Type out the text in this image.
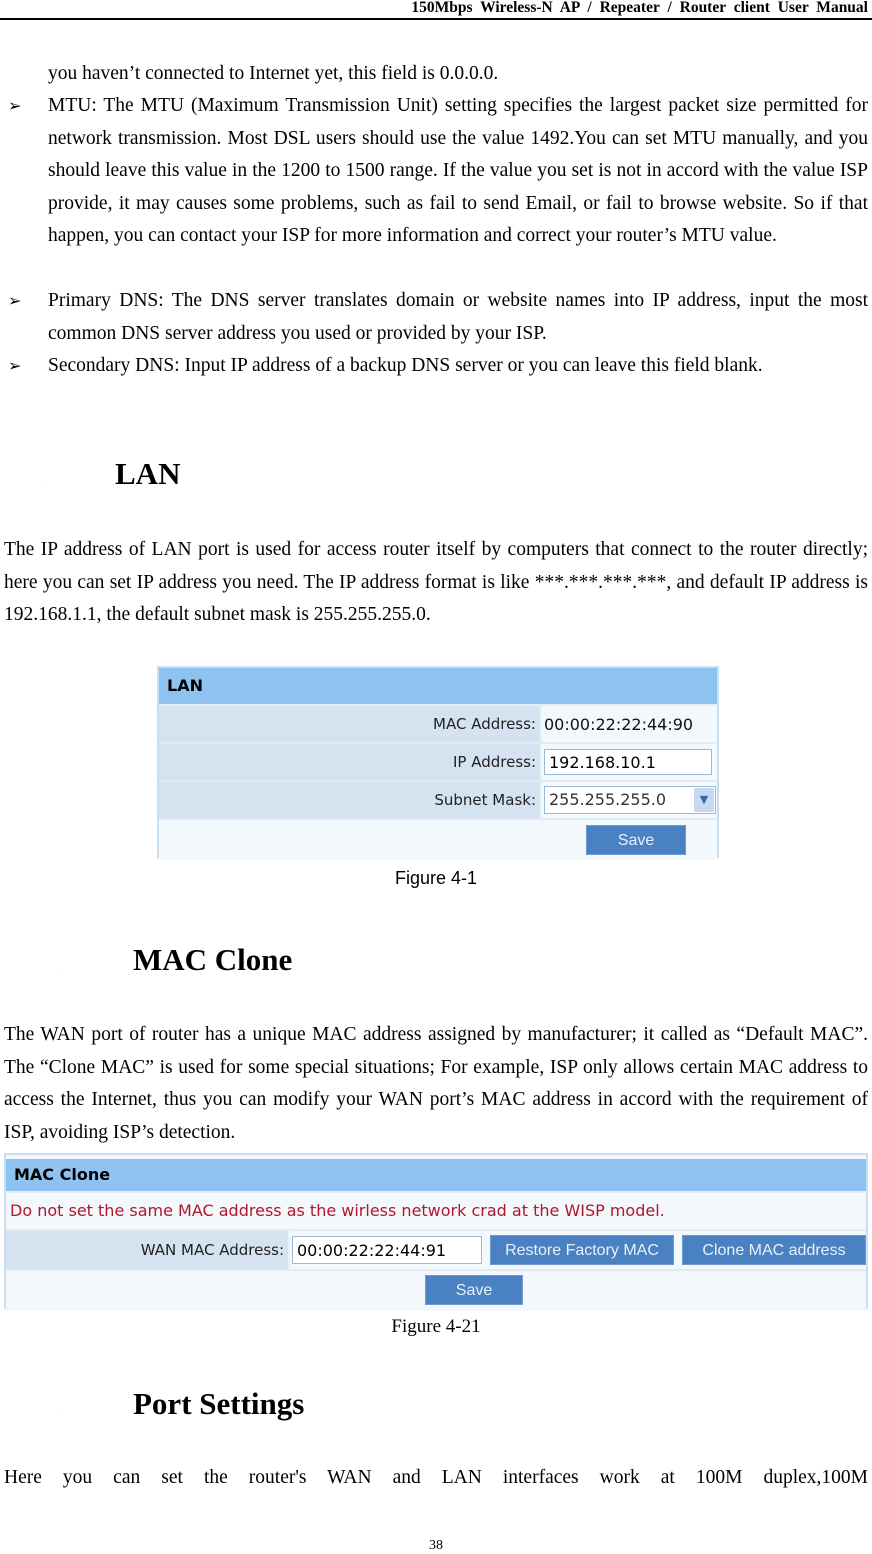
150Mbps Wireless-N AP / Repeater / Router client User Manual
you haven’t connected to Internet yet, this field is 0.0.0.0.
➢ MTU: The MTU (Maximum Transmission Unit) setting specifies the largest packet size permitted for network transmission. Most DSL users should use the value 1492.You can set MTU manually, and you should leave this value in the 1200 to 1500 range. If the value you set is not in accord with the value ISP provide, it may causes some problems, such as fail to send Email, or fail to browse website. So if that happen, you can contact your ISP for more information and correct your router’s MTU value.
➢ Primary DNS: The DNS server translates domain or website names into IP address, input the most common DNS server address you used or provided by your ISP.
➢ Secondary DNS: Input IP address of a backup DNS server or you can leave this field blank.
.. LAN
The IP address of LAN port is used for access router itself by computers that connect to the router directly; here you can set IP address you need. The IP address format is like ***.***.***.***, and default IP address is 192.168.1.1, the default subnet mask is 255.255.255.0.
LAN
MAC Address: 00:00:22:22:44:90
IP Address: 192.168.10.1
Subnet Mask: 255.255.255.0	▼
Save
Figure 4-1
.. MAC Clone
The WAN port of router has a unique MAC address assigned by manufacturer; it called as “Default MAC”. The “Clone MAC” is used for some special situations; For example, ISP only allows certain MAC address to access the Internet, thus you can modify your WAN port’s MAC address in accord with the requirement of ISP, avoiding ISP’s detection.
MAC Clone
Do not set the same MAC address as the wirless network crad at the WISP model.
WAN MAC Address: 00:00:22:22:44:91	Restore Factory MAC	Clone MAC address
Save
Figure 4-21
.. Port Settings
Here you can set the router's WAN and LAN interfaces work at 100M duplex,100M
38
